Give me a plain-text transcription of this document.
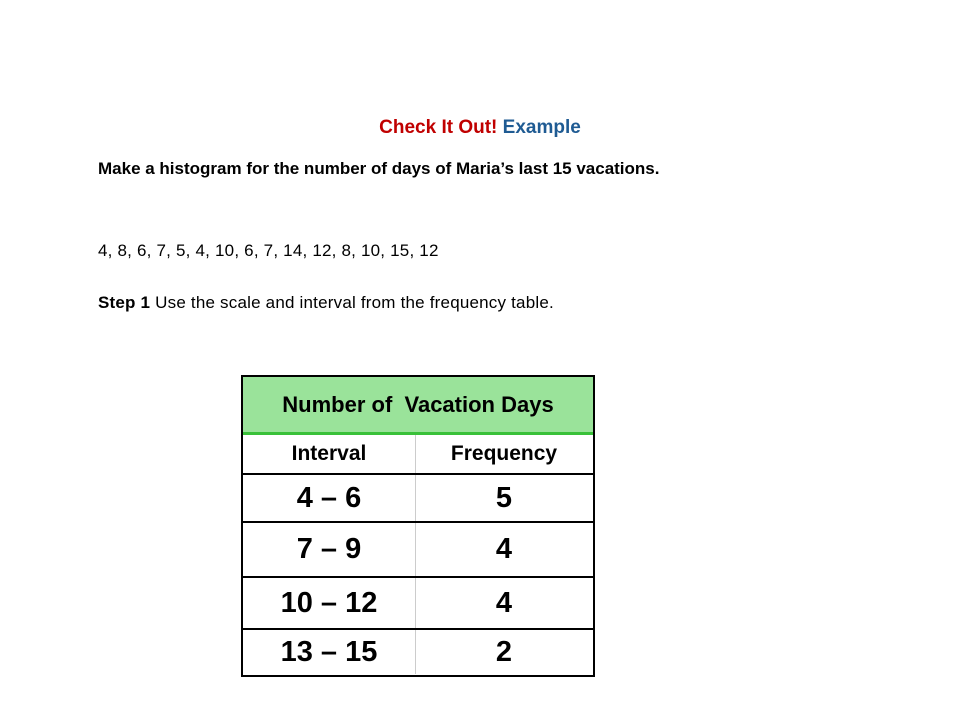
Check It Out! Example
Make a histogram for the number of days of Maria’s last 15 vacations.
4, 8, 6, 7, 5, 4, 10, 6, 7, 14, 12, 8, 10, 15, 12
Step 1 Use the scale and interval from the frequency table.
Number of  Vacation Days
Interval	Frequency
4 – 6	5
7 – 9	4
10 – 12	4
13 – 15	2
